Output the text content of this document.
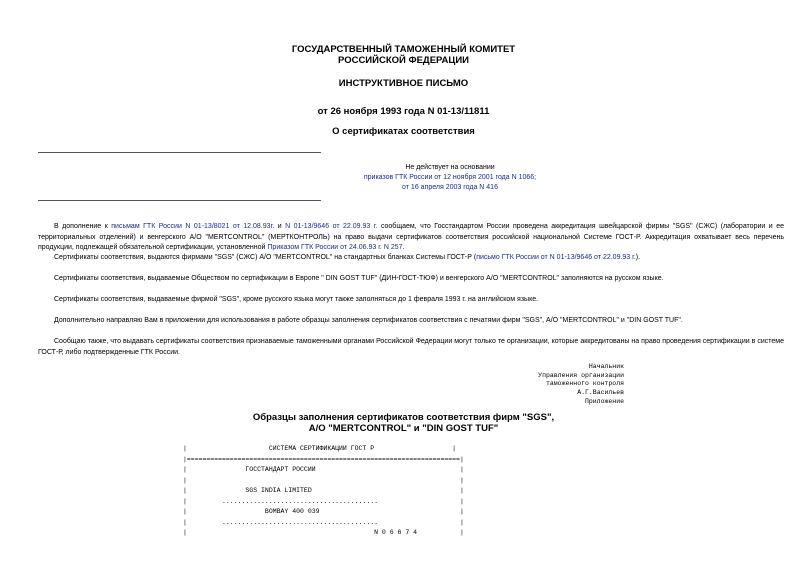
ГОСУДАРСТВЕННЫЙ ТАМОЖЕННЫЙ КОМИТЕТ
РОССИЙСКОЙ ФЕДЕРАЦИИ
ИНСТРУКТИВНОЕ ПИСЬМО
от 26 ноября 1993 года N 01-13/11811
О сертификатах соответствия
Не действует на основании
приказов ГТК России от 12 ноября 2001 года N 1066;
от 16 апреля 2003 года N 416
В дополнение к письмам ГТК России N 01-13/8021 от 12.08.93г. и N 01-13/9646 от 22.09.93 г. сообщаем, что Госстандартом России проведена аккредитация швейцарской фирмы "SGS" (СЖС) (лаборатории и ее территориальных отделений) и венгерского А/О "MERTCONTROL" (МЕРТКОНТРОЛЬ) на право выдачи сертификатов соответствия российской национальной Системе ГОСТ-Р. Аккредитация охватывает весь перечень продукции, подлежащей обязательной сертификации, установленной Приказом ГТК России от 24.06.93 г. N 257.
Сертификаты соответствия, выдаются фирмами "SGS" (СЖС) А/О "MERTCONTROL" на стандартных бланках Системы ГОСТ-Р (письмо ГТК России от N 01-13/9646 от 22.09.93 г.).
Сертификаты соответствия, выдаваемые Обществом по сертификации в Европе " DIN GOST TUF" (ДИН-ГОСТ-ТЮФ) и венгерского А/О "MERTCONTROL" заполняются на русском языке.
Сертификаты соответствия, выдаваемые фирмой "SGS", кроме русского языка могут также заполняться до 1 февраля 1993 г. на английском языке.
Дополнительно направляю Вам в приложении для использования в работе образцы заполнения сертификатов соответствия с печатями фирм "SGS", А/О "MERTCONTROL" и "DIN GOST TUF".
Сообщаю также, что выдавать сертификаты соответствия признаваемые таможенными органами Российской Федерации могут только те организации, которые аккредитованы на право проведения сертификации в системе ГОСТ-Р, либо подтвержденные ГТК России.
Начальник
Управления организации
таможенного контроля
А.Г.Васильев
Приложение
Образцы заполнения сертификатов соответствия фирм "SGS",
А/О "MERTCONTROL" и "DIN GOST TUF"
|                     СИСТЕМА СЕРТИФИКАЦИИ ГОСТ Р                    |
|======================================================================|
|               ГОССТАНДАРТ РОССИИ                                     |
|                                                                      |
|               SGS INDIA LIMITED                                      |
|         ........................................                     |
|                    BOMBAY 400 039                                    |
|         ........................................                     |
|                                                N 0 6 6 7 4           |
